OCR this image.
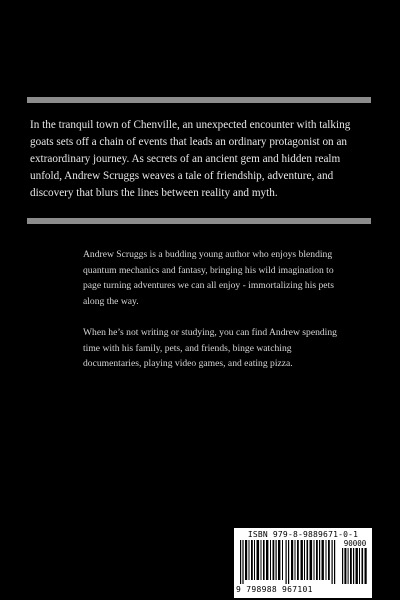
In the tranquil town of Chenville, an unexpected encounter with talking goats sets off a chain of events that leads an ordinary protagonist on an extraordinary journey. As secrets of an ancient gem and hidden realm unfold, Andrew Scruggs weaves a tale of friendship, adventure, and discovery that blurs the lines between reality and myth.

Andrew Scruggs is a budding young author who enjoys blending quantum mechanics and fantasy, bringing his wild imagination to page turning adventures we can all enjoy - immortalizing his pets along the way.

When he’s not writing or studying, you can find Andrew spending time with his family, pets, and friends, binge watching documentaries, playing video games, and eating pizza.

ISBN 979-8-9889671-0-1
90000
9 798988 967101
